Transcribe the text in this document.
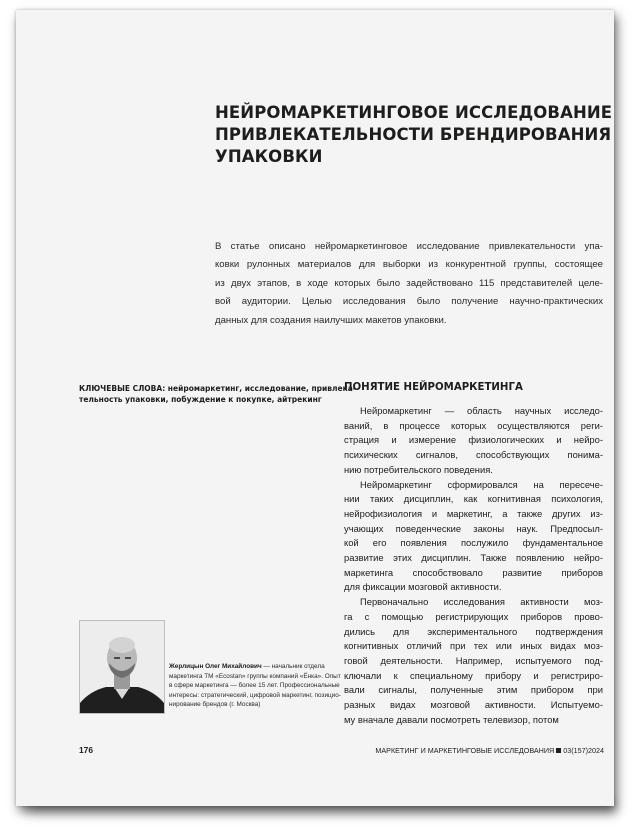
НЕЙРОМАРКЕТИНГОВОЕ ИССЛЕДОВАНИЕ
ПРИВЛЕКАТЕЛЬНОСТИ БРЕНДИРОВАНИЯ
УПАКОВКИ
В статье описано нейромаркетинговое исследование привлекательности упа-
ковки рулонных материалов для выборки из конкурентной группы, состоящее
из двух этапов, в ходе которых было задействовано 115 представителей целе-
вой аудитории. Целью исследования было получение научно-практических
данных для создания наилучших макетов упаковки.
КЛЮЧЕВЫЕ СЛОВА: нейромаркетинг, исследование, привлека-
тельность упаковки, побуждение к покупке, айтрекинг
ПОНЯТИЕ НЕЙРОМАРКЕТИНГА
Нейромаркетинг — область научных исследо-
ваний, в процессе которых осуществляются реги-
страция и измерение физиологических и нейро-
психических сигналов, способствующих понима-
нию потребительского поведения.
Нейромаркетинг сформировался на пересече-
нии таких дисциплин, как когнитивная психология,
нейрофизиология и маркетинг, а также других из-
учающих поведенческие законы наук. Предпосыл-
кой его появления послужило фундаментальное
развитие этих дисциплин. Также появлению нейро-
маркетинга способствовало развитие приборов
для фиксации мозговой активности.
Первоначально исследования активности моз-
га с помощью регистрирующих приборов прово-
дились для экспериментального подтверждения
когнитивных отличий при тех или иных видах моз-
говой деятельности. Например, испытуемого под-
ключали к специальному прибору и регистриро-
вали сигналы, полученные этим прибором при
разных видах мозговой активности. Испытуемо-
му вначале давали посмотреть телевизор, потом
Жерлицын Олег Михайлович — начальник отдела
маркетинга ТМ «Ecostan» группы компаний «Ёнка». Опыт
в сфере маркетинга — более 15 лет. Профессиональные
интересы: стратегический, цифровой маркетинг, позицио-
нирование брендов (г. Москва)
176	МАРКЕТИНГ И МАРКЕТИНГОВЫЕ ИССЛЕДОВАНИЯ 03(157)2024
